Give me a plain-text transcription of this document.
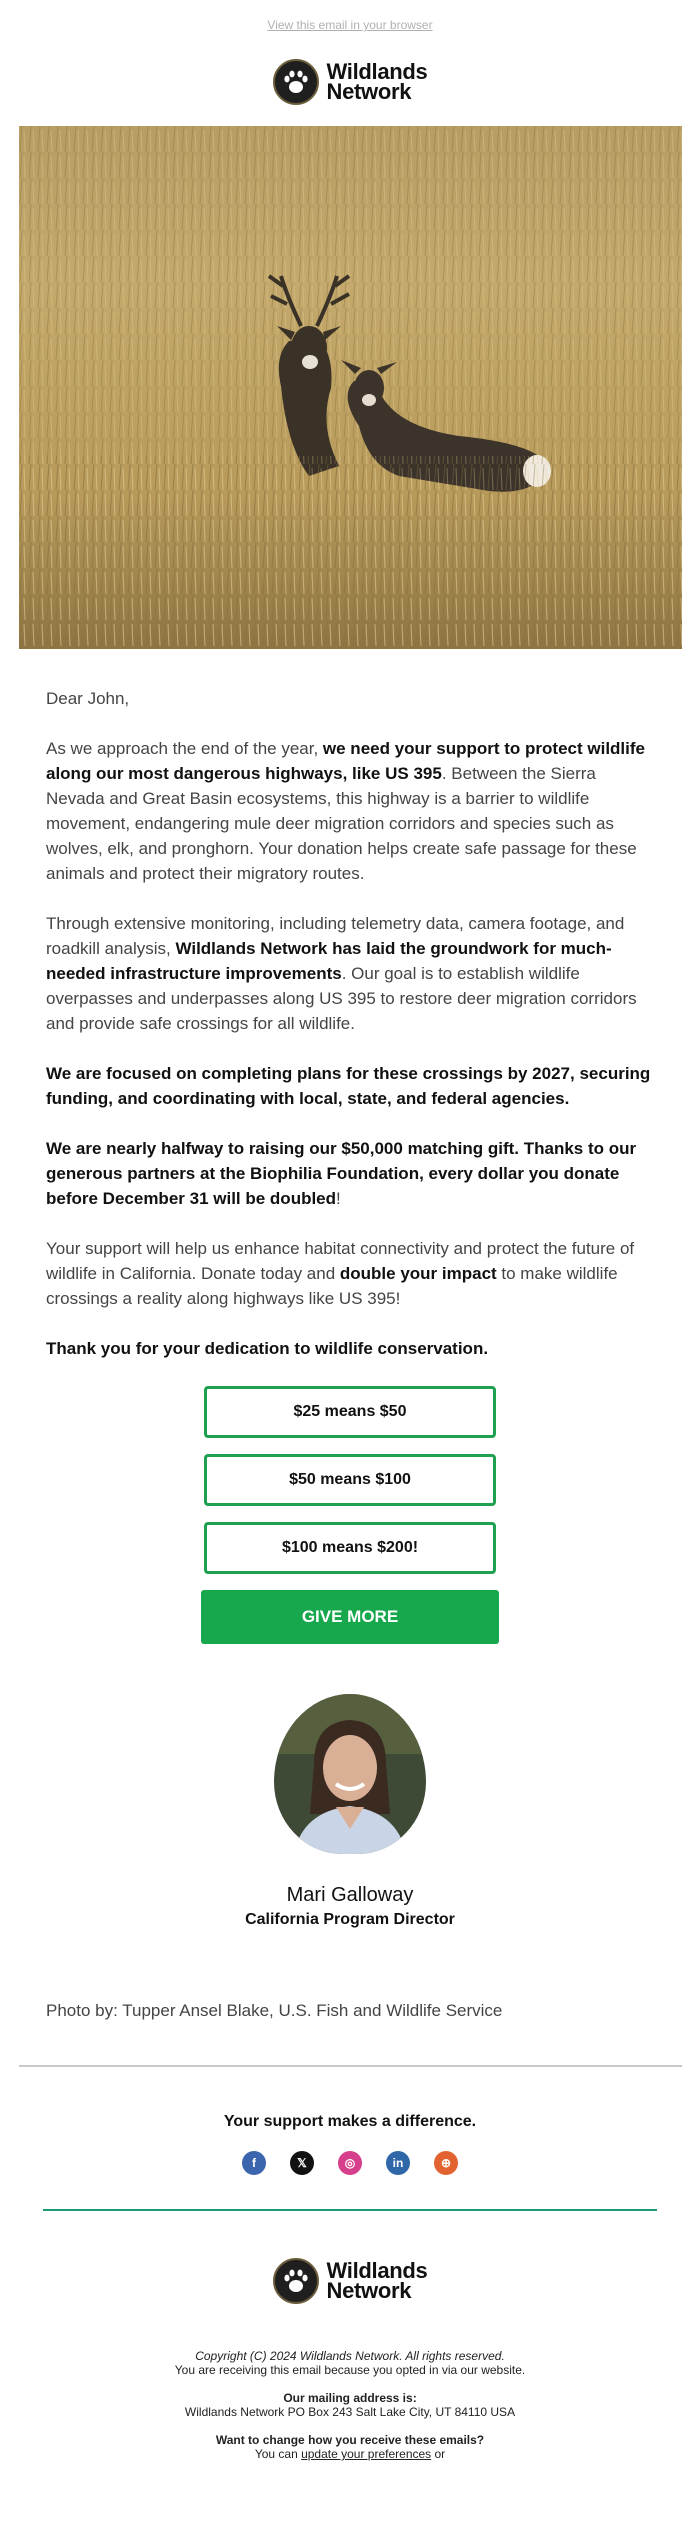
View this email in your browser
Wildlands
Network

Dear John,

As we approach the end of the year, we need your support to protect wildlife along our most dangerous highways, like US 395. Between the Sierra Nevada and Great Basin ecosystems, this highway is a barrier to wildlife movement, endangering mule deer migration corridors and species such as wolves, elk, and pronghorn. Your donation helps create safe passage for these animals and protect their migratory routes.

Through extensive monitoring, including telemetry data, camera footage, and roadkill analysis, Wildlands Network has laid the groundwork for much-needed infrastructure improvements. Our goal is to establish wildlife overpasses and underpasses along US 395 to restore deer migration corridors and provide safe crossings for all wildlife.

We are focused on completing plans for these crossings by 2027, securing funding, and coordinating with local, state, and federal agencies.

We are nearly halfway to raising our $50,000 matching gift. Thanks to our generous partners at the Biophilia Foundation, every dollar you donate before December 31 will be doubled!

Your support will help us enhance habitat connectivity and protect the future of wildlife in California. Donate today and double your impact to make wildlife crossings a reality along highways like US 395!

Thank you for your dedication to wildlife conservation.

$25 means $50
$50 means $100
$100 means $200!
GIVE MORE
Mari Galloway
California Program Director
Photo by: Tupper Ansel Blake, U.S. Fish and Wildlife Service
Your support makes a difference.
f	𝕏	◎	in	⊕
Wildlands
Network
Copyright (C) 2024 Wildlands Network. All rights reserved.
You are receiving this email because you opted in via our website.
Our mailing address is:
Wildlands Network PO Box 243 Salt Lake City, UT 84110 USA
Want to change how you receive these emails?
You can update your preferences or
